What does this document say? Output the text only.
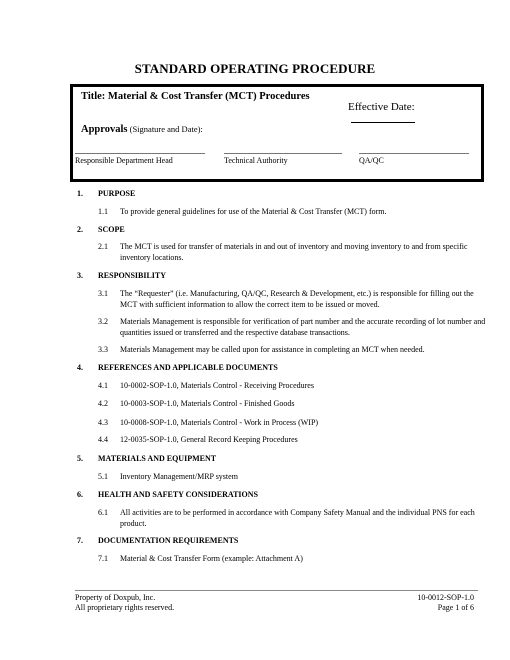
STANDARD OPERATING PROCEDURE
Title: Material & Cost Transfer (MCT) Procedures
Effective Date:
Approvals (Signature and Date):
Responsible Department Head	Technical Authority	QA/QC
1. PURPOSE
1.1 To provide general guidelines for use of the Material & Cost Transfer (MCT) form.
2. SCOPE
2.1 The MCT is used for transfer of materials in and out of inventory and moving inventory to and from specific inventory locations.
3. RESPONSIBILITY
3.1 The “Requester” (i.e. Manufacturing, QA/QC, Research & Development, etc.) is responsible for filling out the MCT with sufficient information to allow the correct item to be issued or moved.
3.2 Materials Management is responsible for verification of part number and the accurate recording of lot number and quantities issued or transferred and the respective database transactions.
3.3 Materials Management may be called upon for assistance in completing an MCT when needed.
4. REFERENCES AND APPLICABLE DOCUMENTS
4.1 10-0002-SOP-1.0, Materials Control - Receiving Procedures
4.2 10-0003-SOP-1.0, Materials Control - Finished Goods
4.3 10-0008-SOP-1.0, Materials Control - Work in Process (WIP)
4.4 12-0035-SOP-1.0, General Record Keeping Procedures
5. MATERIALS AND EQUIPMENT
5.1 Inventory Management/MRP system
6. HEALTH AND SAFETY CONSIDERATIONS
6.1 All activities are to be performed in accordance with Company Safety Manual and the individual PNS for each product.
7. DOCUMENTATION REQUIREMENTS
7.1 Material & Cost Transfer Form (example: Attachment A)
Property of Doxpub, Inc.
All proprietary rights reserved.
10-0012-SOP-1.0
Page 1 of 6
